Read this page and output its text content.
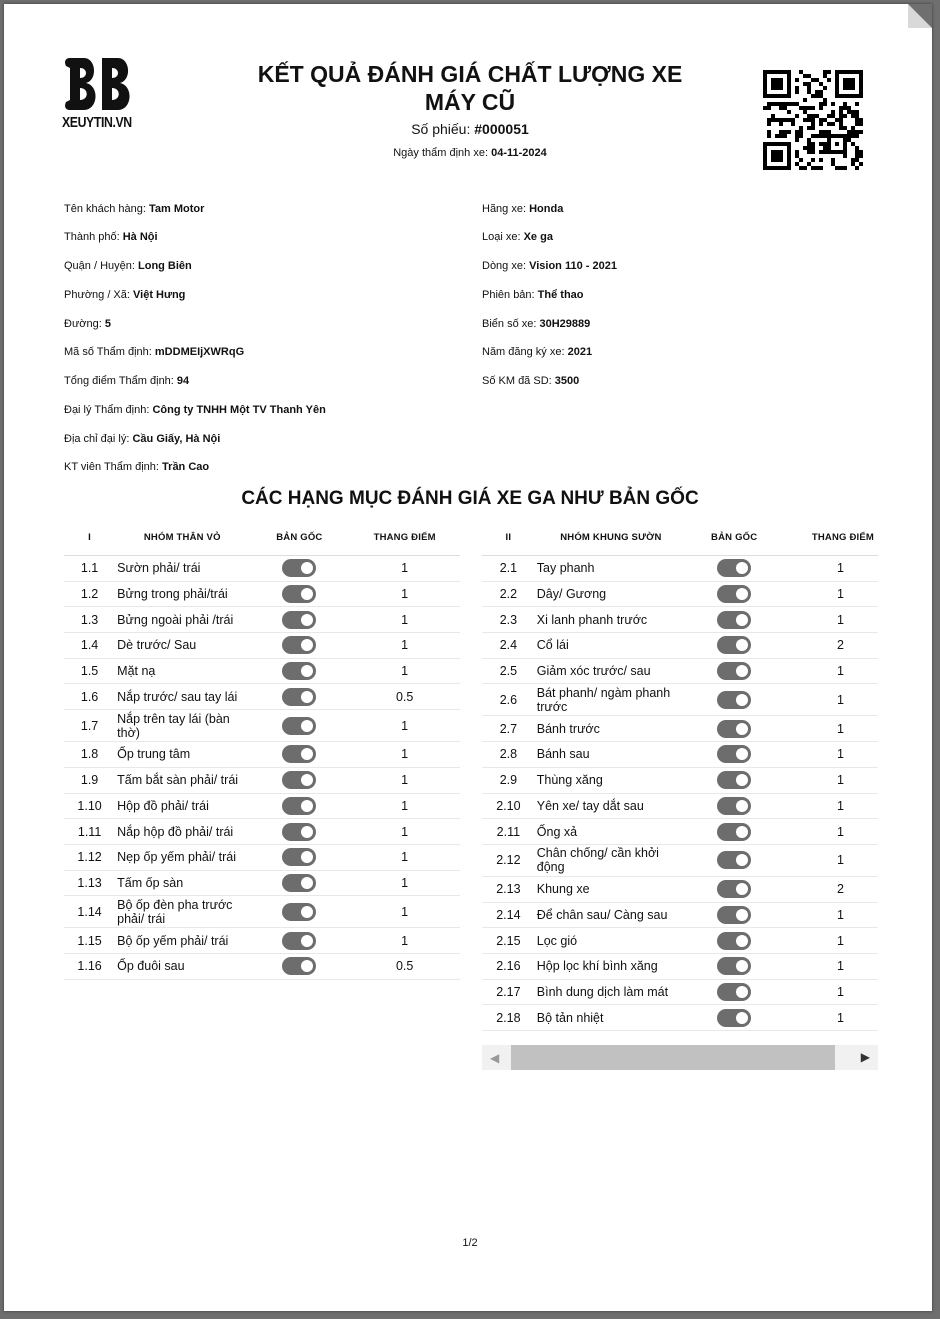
XEUYTIN.VN
KẾT QUẢ ĐÁNH GIÁ CHẤT LƯỢNG XE
MÁY CŨ
Số phiếu: #000051
Ngày thẩm định xe: 04-11-2024
Tên khách hàng: Tam Motor
Thành phố: Hà Nội
Quận / Huyện: Long Biên
Phường / Xã: Việt Hưng
Đường: 5
Mã số Thẩm định: mDDMEIjXWRqG
Tổng điểm Thẩm định: 94
Đại lý Thẩm định: Công ty TNHH Một TV Thanh Yên
Địa chỉ đại lý: Cầu Giấy, Hà Nội
KT viên Thẩm định: Trần Cao
Hãng xe: Honda
Loại xe: Xe ga
Dòng xe: Vision 110 - 2021
Phiên bản: Thể thao
Biển số xe: 30H29889
Năm đăng ký xe: 2021
Số KM đã SD: 3500
CÁC HẠNG MỤC ĐÁNH GIÁ XE GA NHƯ BẢN GỐC
I	NHÓM THÂN VỎ	BẢN GỐC	THANG ĐIỂM
1.1	Sườn phải/ trái		1
1.2	Bửng trong phải/trái		1
1.3	Bửng ngoài phải /trái		1
1.4	Dè trước/ Sau		1
1.5	Mặt nạ		1
1.6	Nắp trước/ sau tay lái		0.5
1.7	Nắp trên tay lái (bàn thờ)		1
1.8	Ốp trung tâm		1
1.9	Tấm bắt sàn phải/ trái		1
1.10	Hộp đồ phải/ trái		1
1.11	Nắp hộp đồ phải/ trái		1
1.12	Nẹp ốp yếm phải/ trái		1
1.13	Tấm ốp sàn		1
1.14	Bộ ốp đèn pha trước phải/ trái		1
1.15	Bộ ốp yếm phải/ trái		1
1.16	Ốp đuôi sau		0.5
II	NHÓM KHUNG SƯỜN	BẢN GỐC	THANG ĐIỂM
2.1	Tay phanh		1
2.2	Dây/ Gương		1
2.3	Xi lanh phanh trước		1
2.4	Cổ lái		2
2.5	Giảm xóc trước/ sau		1
2.6	Bát phanh/ ngàm phanh trước		1
2.7	Bánh trước		1
2.8	Bánh sau		1
2.9	Thùng xăng		1
2.10	Yên xe/ tay dắt sau		1
2.11	Ống xả		1
2.12	Chân chống/ cần khởi động		1
2.13	Khung xe		2
2.14	Để chân sau/ Càng sau		1
2.15	Lọc gió		1
2.16	Hộp lọc khí bình xăng		1
2.17	Bình dung dịch làm mát		1
2.18	Bộ tản nhiệt		1
◀	▶
1/2
